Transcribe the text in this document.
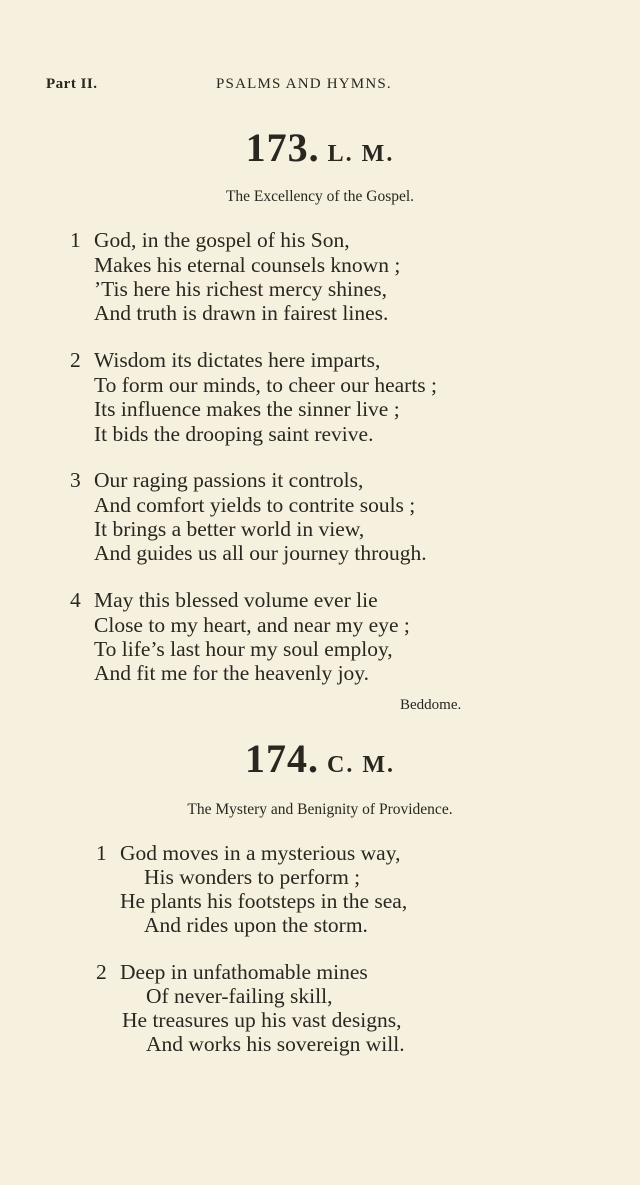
Part II.	PSALMS AND HYMNS.
173. L. M.
The Excellency of the Gospel.
1 God, in the gospel of his Son,
Makes his eternal counsels known ;
’Tis here his richest mercy shines,
And truth is drawn in fairest lines.
2 Wisdom its dictates here imparts,
To form our minds, to cheer our hearts ;
Its influence makes the sinner live ;
It bids the drooping saint revive.
3 Our raging passions it controls,
And comfort yields to contrite souls ;
It brings a better world in view,
And guides us all our journey through.
4 May this blessed volume ever lie
Close to my heart, and near my eye ;
To life’s last hour my soul employ,
And fit me for the heavenly joy.
Beddome.
174. C. M.
The Mystery and Benignity of Providence.
1 God moves in a mysterious way,
His wonders to perform ;
He plants his footsteps in the sea,
And rides upon the storm.
2 Deep in unfathomable mines
Of never-failing skill,
He treasures up his vast designs,
And works his sovereign will.
